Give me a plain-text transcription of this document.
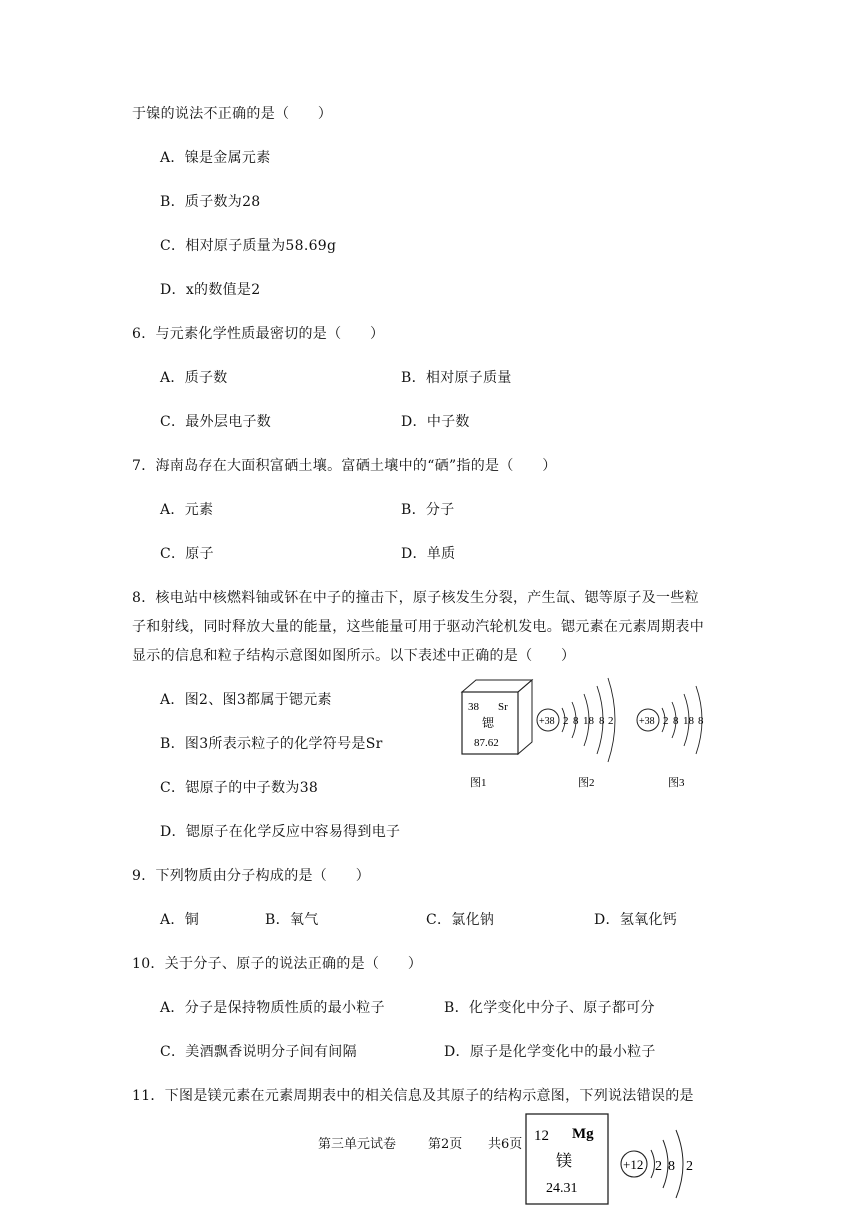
于镍的说法不正确的是（　　）
A．镍是金属元素
B．质子数为28
C．相对原子质量为58.69g
D．x的数值是2
6．与元素化学性质最密切的是（　　）
A．质子数	B．相对原子质量
C．最外层电子数	D．中子数
7．海南岛存在大面积富硒土壤。富硒土壤中的“硒”指的是（　　）
A．元素	B．分子
C．原子	D．单质
8．核电站中核燃料铀或钚在中子的撞击下，原子核发生分裂，产生氙、锶等原子及一些粒
子和射线，同时释放大量的能量，这些能量可用于驱动汽轮机发电。锶元素在元素周期表中
显示的信息和粒子结构示意图如图所示。以下表述中正确的是（　　）
A．图2、图3都属于锶元素
B．图3所表示粒子的化学符号是Sr
C．锶原子的中子数为38
D．锶原子在化学反应中容易得到电子
38 Sr
锶
87.62
+38 2 8 18 8 2	+38 2 8 18 8
图1	图2	图3
9．下列物质由分子构成的是（　　）
A．铜	B．氧气	C．氯化钠	D．氢氧化钙
10．关于分子、原子的说法正确的是（　　）
A．分子是保持物质性质的最小粒子	B．化学变化中分子、原子都可分
C．美酒飘香说明分子间有间隔	D．原子是化学变化中的最小粒子
11．下图是镁元素在元素周期表中的相关信息及其原子的结构示意图，下列说法错误的是
第三单元试卷 第2页 共6页
12 Mg
镁
24.31
+12 2 8 2
